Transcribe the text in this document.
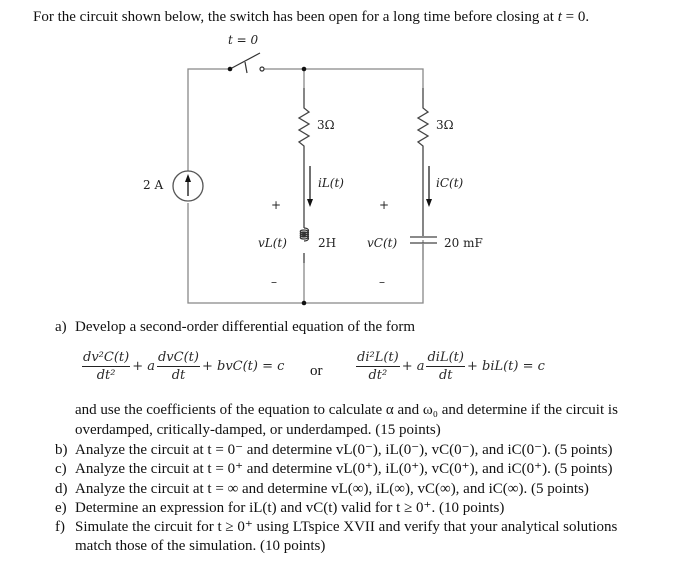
For the circuit shown below, the switch has been open for a long time before closing at t = 0.
t = 0
2 A
3Ω	3Ω
iL(t)	iC(t)
+	+
vL(t)	2H	vC(t)	20 mF
–	–
a) Develop a second-order differential equation of the form
$\frac{\text{dv²C(t)}}{\text{dt²}} + a \frac{\text{dvC(t)}}{dt} + bvC(t) = c$ or	$\frac{\text{di²L(t)}}{\text{dt²}} + a \frac{\text{diL(t)}}{dt} + biL(t) = c$
and use the coefficients of the equation to calculate α and ω₀ and determine if the circuit is
overdamped, critically-damped, or underdamped. (15 points)
b) Analyze the circuit at t = 0⁻ and determine vL(0⁻), iL(0⁻), vC(0⁻), and iC(0⁻). (5 points)
c) Analyze the circuit at t = 0⁺ and determine vL(0⁺), iL(0⁺), vC(0⁺), and iC(0⁺). (5 points)
d) Analyze the circuit at t = ∞ and determine vL(∞), iL(∞), vC(∞), and iC(∞). (5 points)
e) Determine an expression for iL(t) and vC(t) valid for t ≥ 0⁺. (10 points)
f) Simulate the circuit for t ≥ 0⁺ using LTspice XVII and verify that your analytical solutions
match those of the simulation. (10 points)
